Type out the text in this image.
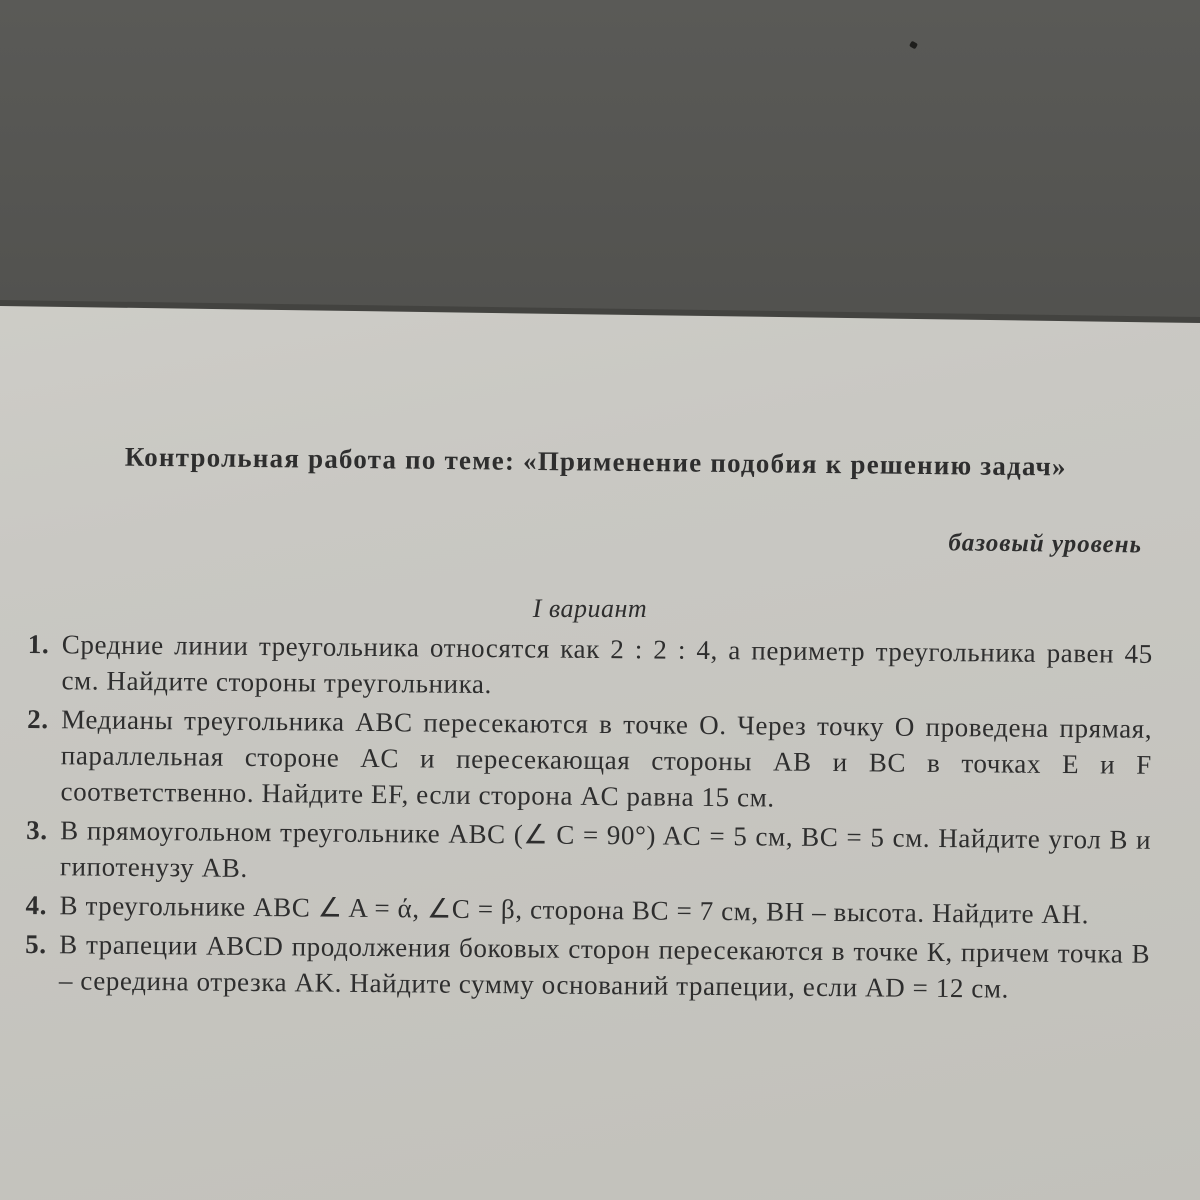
Контрольная работа по теме: «Применение подобия к решению задач»
базовый уровень
I вариант
1. Средние линии треугольника относятся как 2 : 2 : 4, а периметр треугольника равен 45 см. Найдите стороны треугольника.
2. Медианы треугольника ABC пересекаются в точке О. Через точку О проведена прямая, параллельная стороне AC и пересекающая стороны AB и BC в точках E и F соответственно. Найдите EF, если сторона AC равна 15 см.
3. В прямоугольном треугольнике ABC (∠ C = 90°) AC = 5 см, BC = 5 см. Найдите угол B и гипотенузу AB.
4. В треугольнике ABC ∠ A = ά, ∠C = β, сторона BC = 7 см, BH – высота. Найдите AH.
5. В трапеции ABCD продолжения боковых сторон пересекаются в точке К, причем точка B – середина отрезка AK. Найдите сумму оснований трапеции, если AD = 12 см.
